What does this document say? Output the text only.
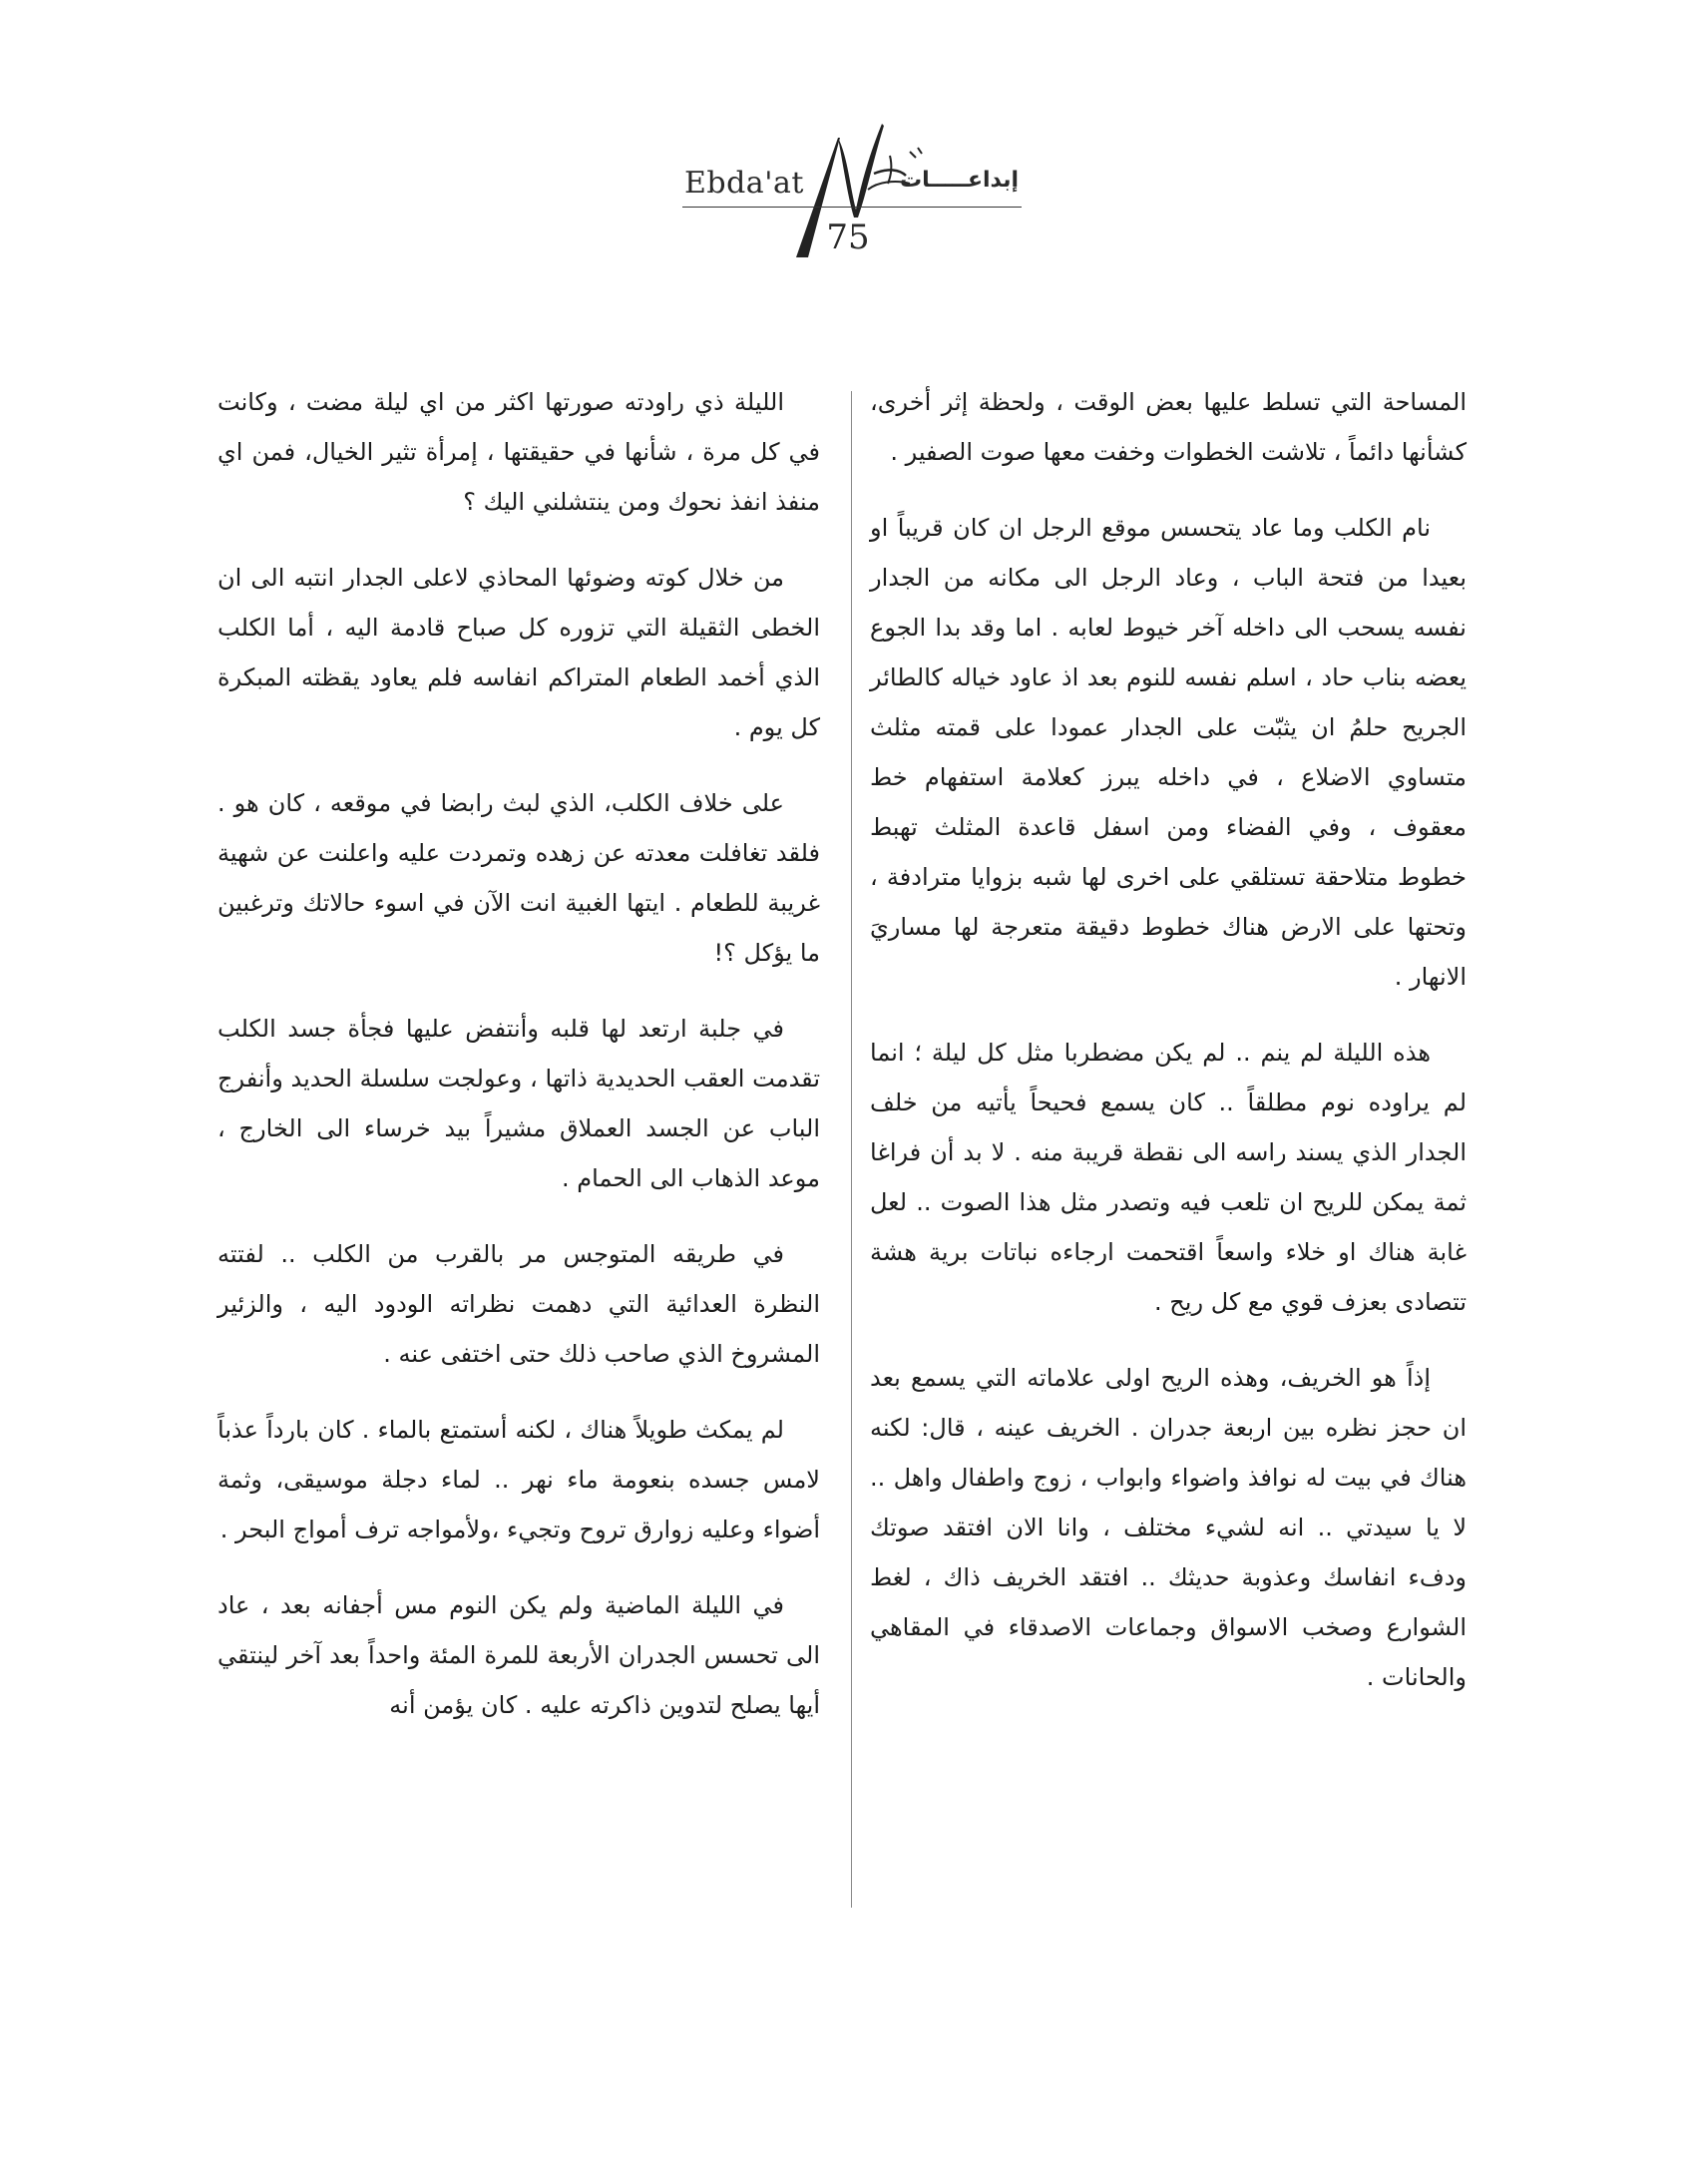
Ebda'at	إبداعـــــات
75

المساحة التي تسلط عليها بعض الوقت ، ولحظة إثر أخرى، كشأنها دائماً ، تلاشت الخطوات وخفت معها صوت الصفير .

نام الكلب وما عاد يتحسس موقع الرجل ان كان قريباً او بعيدا من فتحة الباب ، وعاد الرجل الى مكانه من الجدار نفسه يسحب الى داخله آخر خيوط لعابه . اما وقد بدا الجوع يعضه بناب حاد ، اسلم نفسه للنوم بعد اذ عاود خياله كالطائر الجريح حلمُ ان يثبّت على الجدار عمودا على قمته مثلث متساوي الاضلاع ، في داخله يبرز كعلامة استفهام خط معقوف ، وفي الفضاء ومن اسفل قاعدة المثلث تهبط خطوط متلاحقة تستلقي على اخرى لها شبه بزوايا مترادفة ، وتحتها على الارض هناك خطوط دقيقة متعرجة لها مساريَ الانهار .

هذه الليلة لم ينم .. لم يكن مضطربا مثل كل ليلة ؛ انما لم يراوده نوم مطلقاً .. كان يسمع فحيحاً يأتيه من خلف الجدار الذي يسند راسه الى نقطة قريبة منه . لا بد أن فراغا ثمة يمكن للريح ان تلعب فيه وتصدر مثل هذا الصوت .. لعل غابة هناك او خلاء واسعاً اقتحمت ارجاءه نباتات برية هشة تتصادى بعزف قوي مع كل ريح .

إذاً هو الخريف، وهذه الريح اولى علاماته التي يسمع بعد ان حجز نظره بين اربعة جدران . الخريف عينه ، قال: لكنه هناك في بيت له نوافذ واضواء وابواب ، زوج واطفال واهل .. لا يا سيدتي .. انه لشيء مختلف ، وانا الان افتقد صوتك ودفء انفاسك وعذوبة حديثك .. افتقد الخريف ذاك ، لغط الشوارع وصخب الاسواق وجماعات الاصدقاء في المقاهي والحانات .

الليلة ذي راودته صورتها اكثر من اي ليلة مضت ، وكانت في كل مرة ، شأنها في حقيقتها ، إمرأة تثير الخيال، فمن اي منفذ انفذ نحوك ومن ينتشلني اليك ؟

من خلال كوته وضوئها المحاذي لاعلى الجدار انتبه الى ان الخطى الثقيلة التي تزوره كل صباح قادمة اليه ، أما الكلب الذي أخمد الطعام المتراكم انفاسه فلم يعاود يقظته المبكرة كل يوم .

على خلاف الكلب، الذي لبث رابضا في موقعه ، كان هو . فلقد تغافلت معدته عن زهده وتمردت عليه واعلنت عن شهية غريبة للطعام . ايتها الغبية انت الآن في اسوء حالاتك وترغبين ما يؤكل ؟!

في جلبة ارتعد لها قلبه وأنتفض عليها فجأة جسد الكلب تقدمت العقب الحديدية ذاتها ، وعولجت سلسلة الحديد وأنفرج الباب عن الجسد العملاق مشيراً بيد خرساء الى الخارج ، موعد الذهاب الى الحمام .

في طريقه المتوجس مر بالقرب من الكلب .. لفتته النظرة العدائية التي دهمت نظراته الودود اليه ، والزئير المشروخ الذي صاحب ذلك حتى اختفى عنه .

لم يمكث طويلاً هناك ، لكنه أستمتع بالماء . كان بارداً عذباً لامس جسده بنعومة ماء نهر .. لماء دجلة موسيقى، وثمة أضواء وعليه زوارق تروح وتجيء ،ولأمواجه ترف أمواج البحر .

في الليلة الماضية ولم يكن النوم مس أجفانه بعد ، عاد الى تحسس الجدران الأربعة للمرة المئة واحداً بعد آخر لينتقي أيها يصلح لتدوين ذاكرته عليه . كان يؤمن أنه
